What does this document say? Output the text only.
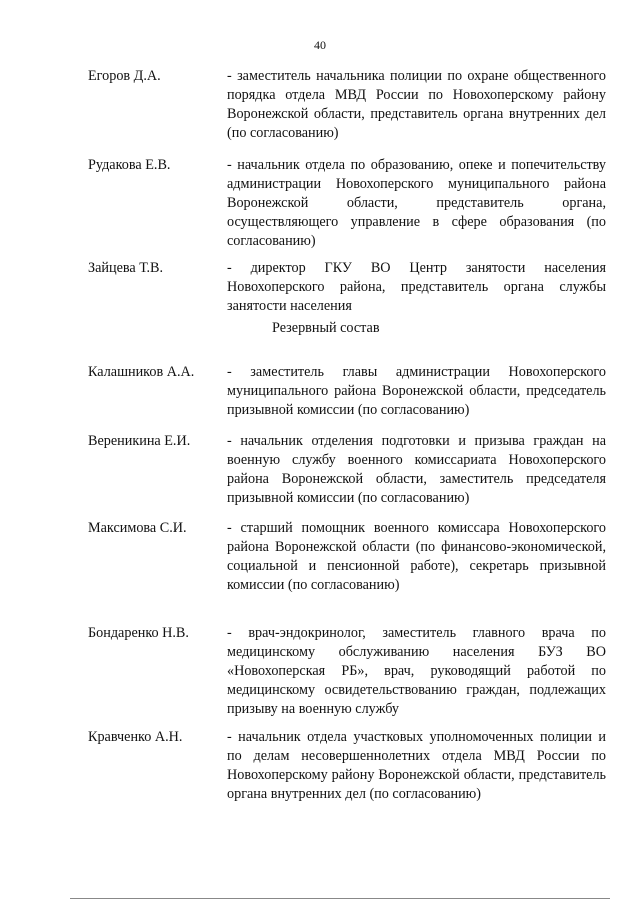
40
Егоров Д.А.	- заместитель начальника полиции по охране общественного порядка отдела МВД России по Новохоперскому району Воронежской области, представитель органа внутренних дел (по согласованию)
Рудакова Е.В.	- начальник отдела по образованию, опеке и попечительству администрации Новохоперского муниципального района Воронежской области, представитель органа, осуществляющего управление в сфере образования (по согласованию)
Зайцева Т.В.	- директор ГКУ ВО Центр занятости населения Новохоперского района, представитель органа службы занятости населения
Резервный состав
Калашников А.А.	- заместитель главы администрации Новохоперского муниципального района Воронежской области, председатель призывной комиссии (по согласованию)
Вереникина Е.И.	- начальник отделения подготовки и призыва граждан на военную службу военного комиссариата Новохоперского района Воронежской области, заместитель председателя призывной комиссии (по согласованию)
Максимова С.И.	- старший помощник военного комиссара Новохоперского района Воронежской области (по финансово-экономической, социальной и пенсионной работе), секретарь призывной комиссии (по согласованию)
Бондаренко Н.В.	- врач-эндокринолог, заместитель главного врача по медицинскому обслуживанию населения БУЗ ВО «Новохоперская РБ», врач, руководящий работой по медицинскому освидетельствованию граждан, подлежащих призыву на военную службу
Кравченко А.Н.	- начальник отдела участковых уполномоченных полиции и по делам несовершеннолетних отдела МВД России по Новохоперскому району Воронежской области, представитель органа внутренних дел (по согласованию)
